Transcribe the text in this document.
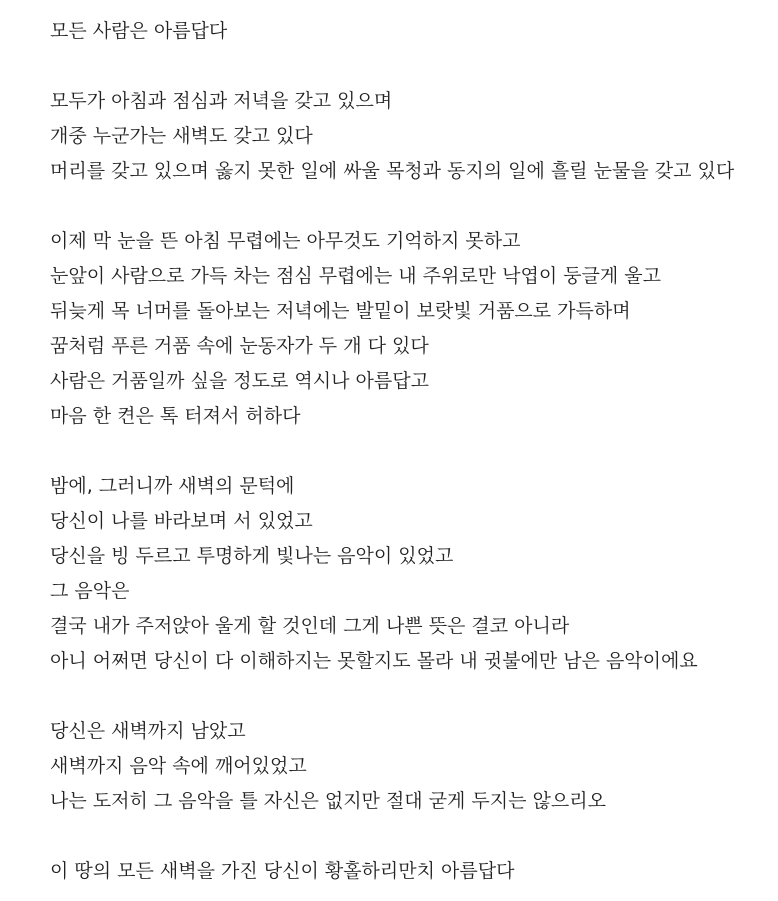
모든 사람은 아름답다
모두가 아침과 점심과 저녁을 갖고 있으며
개중 누군가는 새벽도 갖고 있다
머리를 갖고 있으며 옳지 못한 일에 싸울 목청과 동지의 일에 흘릴 눈물을 갖고 있다
이제 막 눈을 뜬 아침 무렵에는 아무것도 기억하지 못하고
눈앞이 사람으로 가득 차는 점심 무렵에는 내 주위로만 낙엽이 둥글게 울고
뒤늦게 목 너머를 돌아보는 저녁에는 발밑이 보랏빛 거품으로 가득하며
꿈처럼 푸른 거품 속에 눈동자가 두 개 다 있다
사람은 거품일까 싶을 정도로 역시나 아름답고
마음 한 켠은 톡 터져서 허하다
밤에, 그러니까 새벽의 문턱에
당신이 나를 바라보며 서 있었고
당신을 빙 두르고 투명하게 빛나는 음악이 있었고
그 음악은
결국 내가 주저앉아 울게 할 것인데 그게 나쁜 뜻은 결코 아니라
아니 어쩌면 당신이 다 이해하지는 못할지도 몰라 내 귓불에만 남은 음악이에요
당신은 새벽까지 남았고
새벽까지 음악 속에 깨어있었고
나는 도저히 그 음악을 틀 자신은 없지만 절대 굳게 두지는 않으리오
이 땅의 모든 새벽을 가진 당신이 황홀하리만치 아름답다
